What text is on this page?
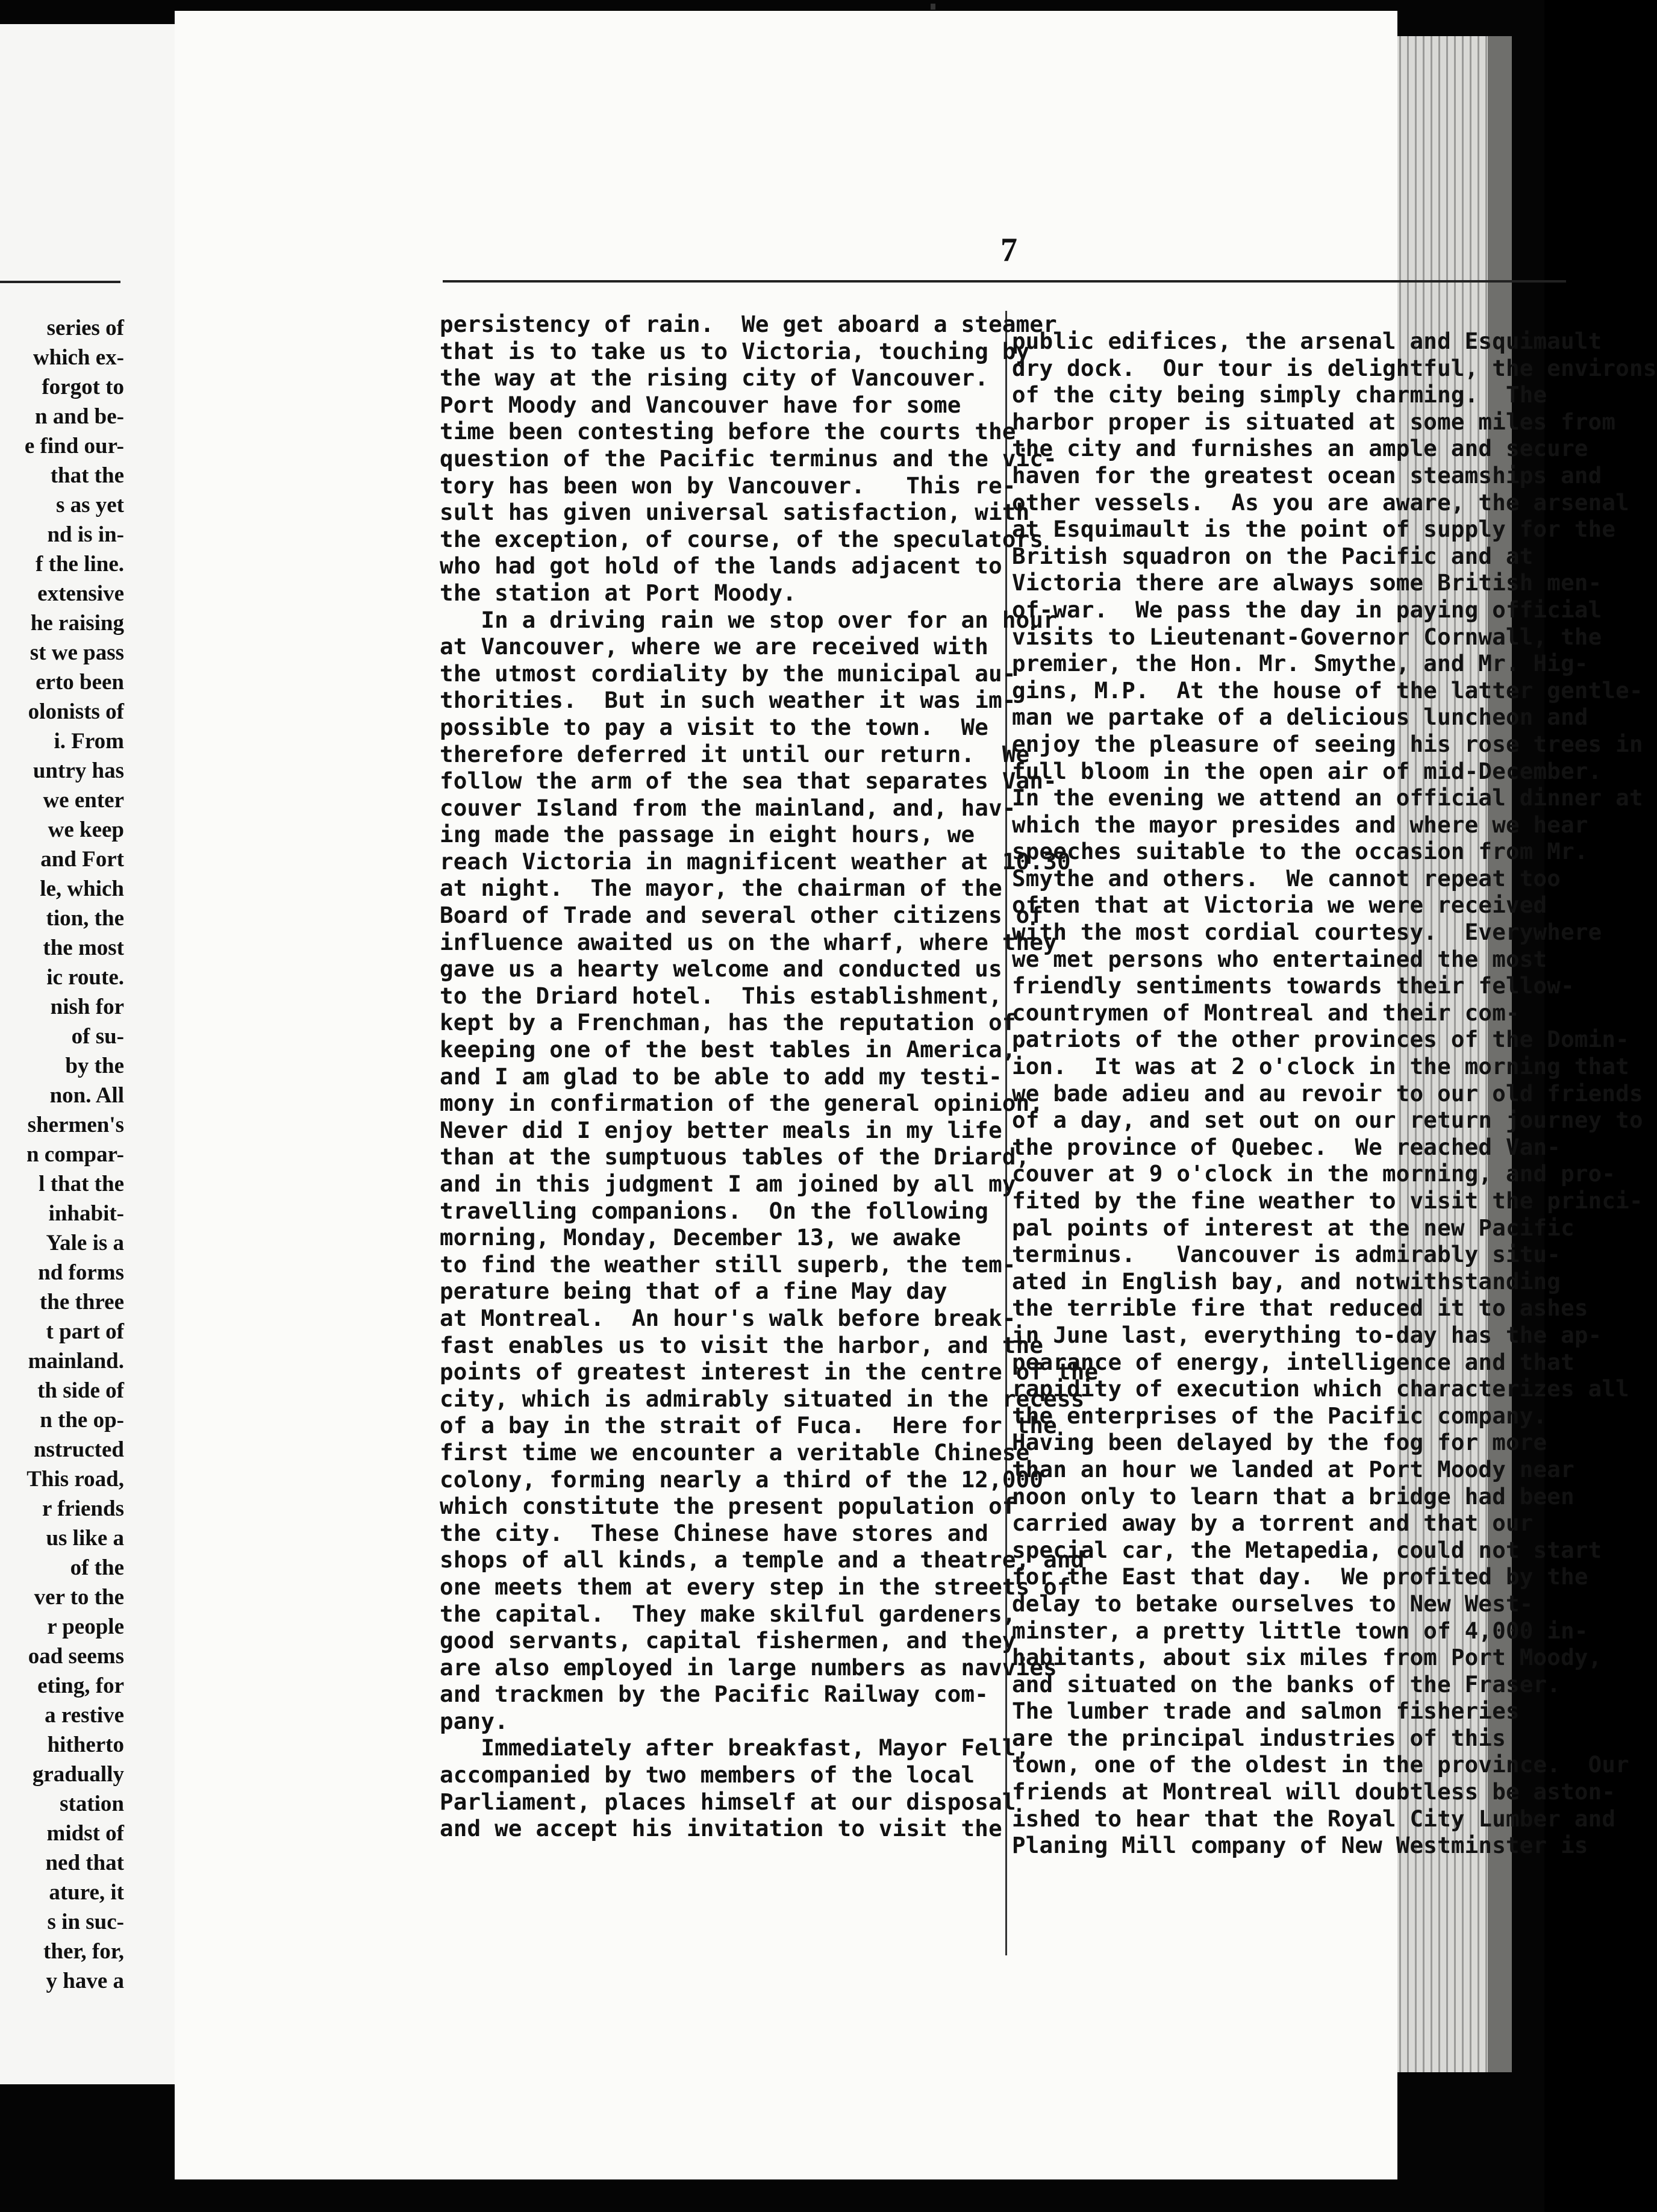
series of
which ex-
forgot to
n and be-
e find our-
that the
s as yet
nd is in-
f the line.
extensive
he raising
st we pass
erto been
olonists of
i. From
untry has
we enter
we keep
and Fort
le, which
tion, the
the most
ic route.
nish for
of su-
by the
non. All
shermen's
n compar-
l that the
inhabit-
Yale is a
nd forms
the three
t part of
mainland.
th side of
n the op-
nstructed
This road,
r friends
us like a
of the
ver to the
r people
oad seems
eting, for
a restive
hitherto
gradually
station
midst of
ned that
ature, it
s in suc-
ther, for,
y have a
7
persistency of rain.  We get aboard a steamer
that is to take us to Victoria, touching by
the way at the rising city of Vancouver.
Port Moody and Vancouver have for some
time been contesting before the courts the
question of the Pacific terminus and the vic-
tory has been won by Vancouver.   This re-
sult has given universal satisfaction, with
the exception, of course, of the speculators
who had got hold of the lands adjacent to
the station at Port Moody.
In a driving rain we stop over for an hour
at Vancouver, where we are received with
the utmost cordiality by the municipal au-
thorities.  But in such weather it was im-
possible to pay a visit to the town.  We
therefore deferred it until our return.  We
follow the arm of the sea that separates Van-
couver Island from the mainland, and, hav-
ing made the passage in eight hours, we
reach Victoria in magnificent weather at 10.30
at night.  The mayor, the chairman of the
Board of Trade and several other citizens of
influence awaited us on the wharf, where they
gave us a hearty welcome and conducted us
to the Driard hotel.  This establishment,
kept by a Frenchman, has the reputation of
keeping one of the best tables in America,
and I am glad to be able to add my testi-
mony in confirmation of the general opinion.
Never did I enjoy better meals in my life
than at the sumptuous tables of the Driard,
and in this judgment I am joined by all my
travelling companions.  On the following
morning, Monday, December 13, we awake
to find the weather still superb, the tem-
perature being that of a fine May day
at Montreal.  An hour's walk before break-
fast enables us to visit the harbor, and the
points of greatest interest in the centre of the
city, which is admirably situated in the recess
of a bay in the strait of Fuca.  Here for the
first time we encounter a veritable Chinese
colony, forming nearly a third of the 12,000
which constitute the present population of
the city.  These Chinese have stores and
shops of all kinds, a temple and a theatre, and
one meets them at every step in the streets of
the capital.  They make skilful gardeners,
good servants, capital fishermen, and they
are also employed in large numbers as navvies
and trackmen by the Pacific Railway com-
pany.
Immediately after breakfast, Mayor Fell,
accompanied by two members of the local
Parliament, places himself at our disposal
and we accept his invitation to visit the
public edifices, the arsenal and Esquimault
dry dock.  Our tour is delightful, the environs
of the city being simply charming.  The
harbor proper is situated at some miles from
the city and furnishes an ample and secure
haven for the greatest ocean steamships and
other vessels.  As you are aware, the arsenal
at Esquimault is the point of supply for the
British squadron on the Pacific and at
Victoria there are always some British men-
of-war.  We pass the day in paying official
visits to Lieutenant-Governor Cornwall, the
premier, the Hon. Mr. Smythe, and Mr. Hig-
gins, M.P.  At the house of the latter gentle-
man we partake of a delicious luncheon and
enjoy the pleasure of seeing his rose trees in
full bloom in the open air of mid-December.
In the evening we attend an official dinner at
which the mayor presides and where we hear
speeches suitable to the occasion from Mr.
Smythe and others.  We cannot repeat too
often that at Victoria we were received
with the most cordial courtesy.  Everywhere
we met persons who entertained the most
friendly sentiments towards their fellow-
countrymen of Montreal and their com-
patriots of the other provinces of the Domin-
ion.  It was at 2 o'clock in the morning that
we bade adieu and au revoir to our old friends
of a day, and set out on our return journey to
the province of Quebec.  We reached Van-
couver at 9 o'clock in the morning, and pro-
fited by the fine weather to visit the princi-
pal points of interest at the new Pacific
terminus.   Vancouver is admirably situ-
ated in English bay, and notwithstanding
the terrible fire that reduced it to ashes
in June last, everything to-day has the ap-
pearance of energy, intelligence and that
rapidity of execution which characterizes all
the enterprises of the Pacific company.
Having been delayed by the fog for more
than an hour we landed at Port Moody near
noon only to learn that a bridge had been
carried away by a torrent and that our
special car, the Metapedia, could not start
for the East that day.  We profited by the
delay to betake ourselves to New West-
minster, a pretty little town of 4,000 in-
habitants, about six miles from Port Moody,
and situated on the banks of the Fraser.
The lumber trade and salmon fisheries
are the principal industries of this
town, one of the oldest in the province.  Our
friends at Montreal will doubtless be aston-
ished to hear that the Royal City Lumber and
Planing Mill company of New Westminster is
